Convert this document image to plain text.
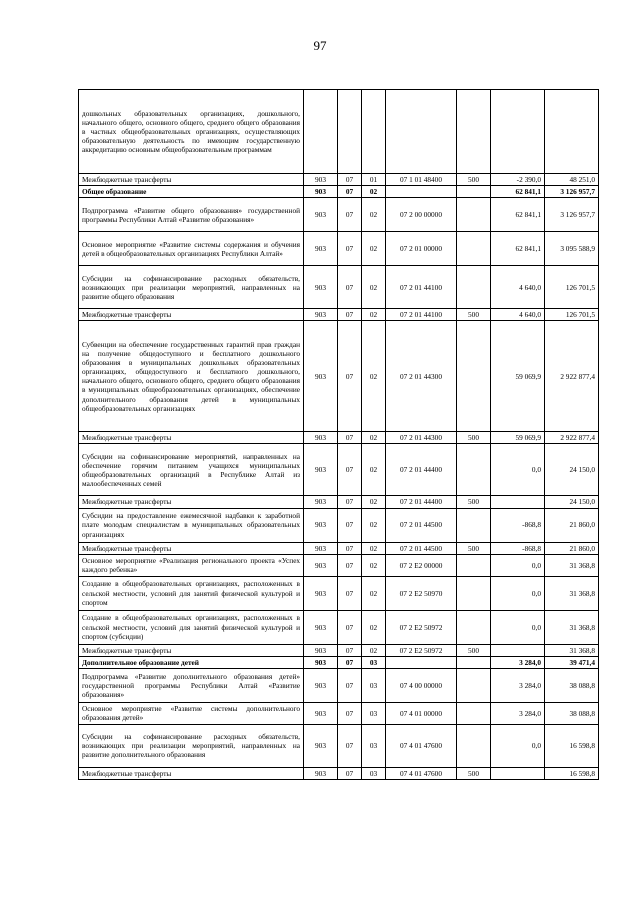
97
дошкольных образовательных организациях, дошкольного, начального общего, основного общего, среднего общего образования в частных общеобразовательных организациях, осуществляющих образовательную деятельность по имеющим государственную аккредитацию основным общеобразовательным программам							
Межбюджетные трансферты	903	07	01	07 1 01 48400	500	-2 390,0	48 251,0
Общее образование	903	07	02			62 841,1	3 126 957,7
Подпрограмма «Развитие общего образования» государственной программы Республики Алтай «Развитие образования»	903	07	02	07 2 00 00000		62 841,1	3 126 957,7
Основное мероприятие «Развитие системы содержания и обучения детей в общеобразовательных организациях Республики Алтай»	903	07	02	07 2 01 00000		62 841,1	3 095 588,9
Субсидии на софинансирование расходных обязательств, возникающих при реализации мероприятий, направленных на развитие общего образования	903	07	02	07 2 01 44100		4 640,0	126 701,5
Межбюджетные трансферты	903	07	02	07 2 01 44100	500	4 640,0	126 701,5
Субвенции на обеспечение государственных гарантий прав граждан на получение общедоступного и бесплатного дошкольного образования в муниципальных дошкольных образовательных организациях, общедоступного и бесплатного дошкольного, начального общего, основного общего, среднего общего образования в муниципальных общеобразовательных организациях, обеспечение дополнительного образования детей в муниципальных общеобразовательных организациях	903	07	02	07 2 01 44300		59 069,9	2 922 877,4
Межбюджетные трансферты	903	07	02	07 2 01 44300	500	59 069,9	2 922 877,4
Субсидии на софинансирование мероприятий, направленных на обеспечение горячим питанием учащихся муниципальных общеобразовательных организаций в Республике Алтай из малообеспеченных семей	903	07	02	07 2 01 44400		0,0	24 150,0
Межбюджетные трансферты	903	07	02	07 2 01 44400	500		24 150,0
Субсидии на предоставление ежемесячной надбавки к заработной плате молодым специалистам в муниципальных образовательных организациях	903	07	02	07 2 01 44500		-868,8	21 860,0
Межбюджетные трансферты	903	07	02	07 2 01 44500	500	-868,8	21 860,0
Основное мероприятие «Реализация регионального проекта «Успех каждого ребенка»	903	07	02	07 2 E2 00000		0,0	31 368,8
Создание в общеобразовательных организациях, расположенных в сельской местности, условий для занятий физической культурой и спортом	903	07	02	07 2 E2 50970		0,0	31 368,8
Создание в общеобразовательных организациях, расположенных в сельской местности, условий для занятий физической культурой и спортом (субсидии)	903	07	02	07 2 E2 50972		0,0	31 368,8
Межбюджетные трансферты	903	07	02	07 2 E2 50972	500		31 368,8
Дополнительное образование детей	903	07	03			3 284,0	39 471,4
Подпрограмма «Развитие дополнительного образования детей» государственной программы Республики Алтай «Развитие образования»	903	07	03	07 4 00 00000		3 284,0	38 088,8
Основное мероприятие «Развитие системы дополнительного образования детей»	903	07	03	07 4 01 00000		3 284,0	38 088,8
Субсидии на софинансирование расходных обязательств, возникающих при реализации мероприятий, направленных на развитие дополнительного образования	903	07	03	07 4 01 47600		0,0	16 598,8
Межбюджетные трансферты	903	07	03	07 4 01 47600	500		16 598,8
